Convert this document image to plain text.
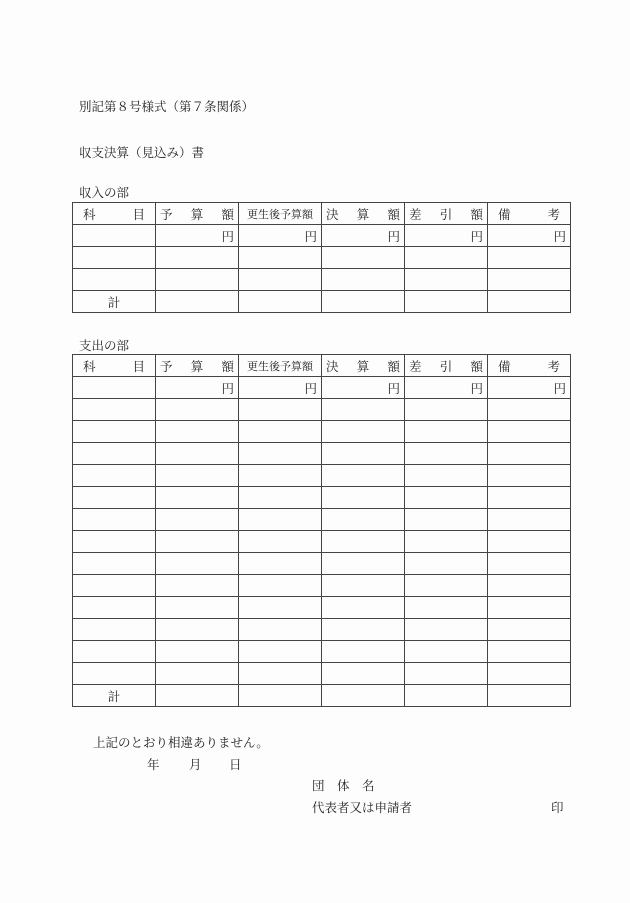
別記第８号様式（第７条関係）
収支決算（見込み）書
収入の部
科 目	予 算 額	更生後予算額	決 算 額	差 引 額	備 考

	円	円	円	円	円

計					
支出の部
科 目	予 算 額	更生後予算額	決 算 額	差 引 額	備 考

	円	円	円	円	円

計					
上記のとおり相違ありません。
年 月 日
団　体　名
代表者又は申請者	印
